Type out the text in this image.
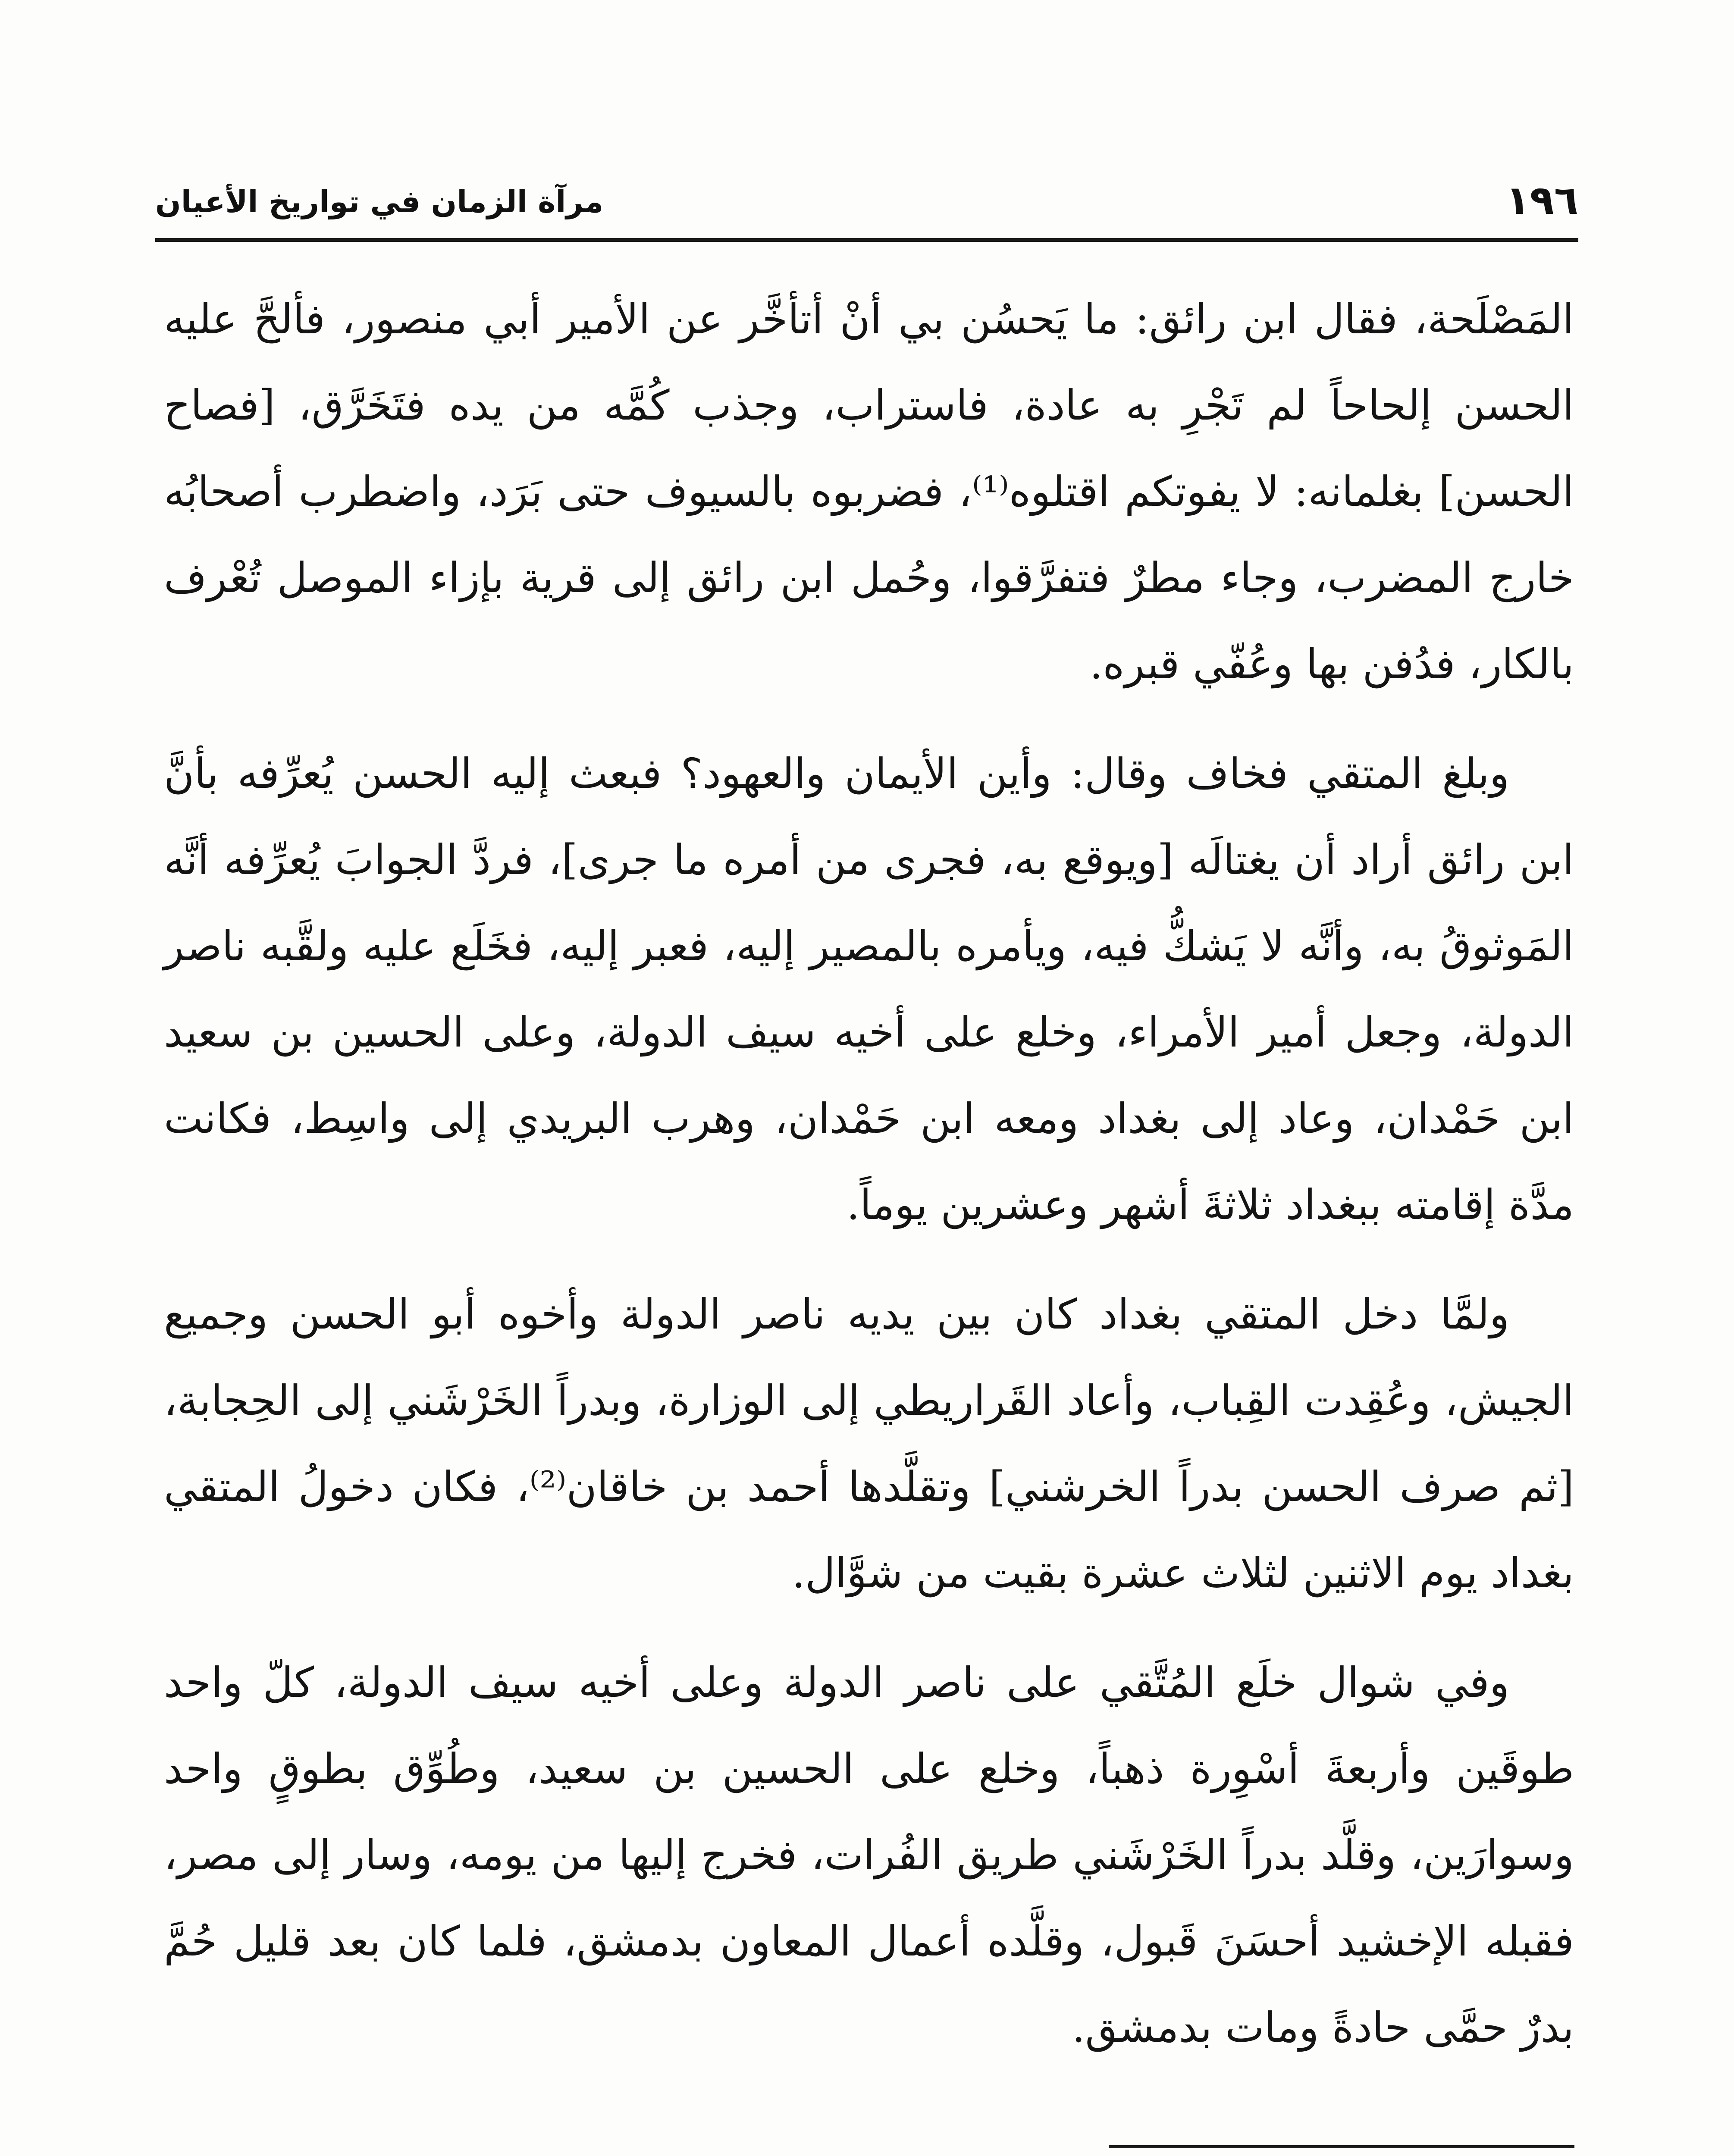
١٩٦
مرآة الزمان في تواريخ الأعيان

المَصْلَحة، فقال ابن رائق: ما يَحسُن بي أنْ أتأخَّر عن الأمير أبي منصور، فألحَّ عليه الحسن إلحاحاً لم تَجْرِ به عادة، فاستراب، وجذب كُمَّه من يده فتَخَرَّق، [فصاح الحسن] بغلمانه: لا يفوتكم اقتلوه⁽¹⁾، فضربوه بالسيوف حتى بَرَد، واضطرب أصحابُه خارج المضرب، وجاء مطرٌ فتفرَّقوا، وحُمل ابن رائق إلى قرية بإزاء الموصل تُعْرف بالكار، فدُفن بها وعُفّي قبره.

وبلغ المتقي فخاف وقال: وأين الأيمان والعهود؟ فبعث إليه الحسن يُعرِّفه بأنَّ ابن رائق أراد أن يغتالَه [ويوقع به، فجرى من أمره ما جرى]، فردَّ الجوابَ يُعرِّفه أنَّه المَوثوقُ به، وأنَّه لا يَشكُّ فيه، ويأمره بالمصير إليه، فعبر إليه، فخَلَع عليه ولقَّبه ناصر الدولة، وجعل أمير الأمراء، وخلع على أخيه سيف الدولة، وعلى الحسين بن سعيد ابن حَمْدان، وعاد إلى بغداد ومعه ابن حَمْدان، وهرب البريدي إلى واسِط، فكانت مدَّة إقامته ببغداد ثلاثةَ أشهر وعشرين يوماً.

ولمَّا دخل المتقي بغداد كان بين يديه ناصر الدولة وأخوه أبو الحسن وجميع الجيش، وعُقِدت القِباب، وأعاد القَراريطي إلى الوزارة، وبدراً الخَرْشَني إلى الحِجابة، [ثم صرف الحسن بدراً الخرشني] وتقلَّدها أحمد بن خاقان⁽²⁾، فكان دخولُ المتقي بغداد يوم الاثنين لثلاث عشرة بقيت من شوَّال.

وفي شوال خلَع المُتَّقي على ناصر الدولة وعلى أخيه سيف الدولة، كلّ واحد طوقَين وأربعةَ أسْوِرة ذهباً، وخلع على الحسين بن سعيد، وطُوِّق بطوقٍ واحد وسوارَين، وقلَّد بدراً الخَرْشَني طريق الفُرات، فخرج إليها من يومه، وسار إلى مصر، فقبله الإخشيد أحسَنَ قَبول، وقلَّده أعمال المعاون بدمشق، فلما كان بعد قليل حُمَّ بدرٌ حمَّى حادةً ومات بدمشق.
